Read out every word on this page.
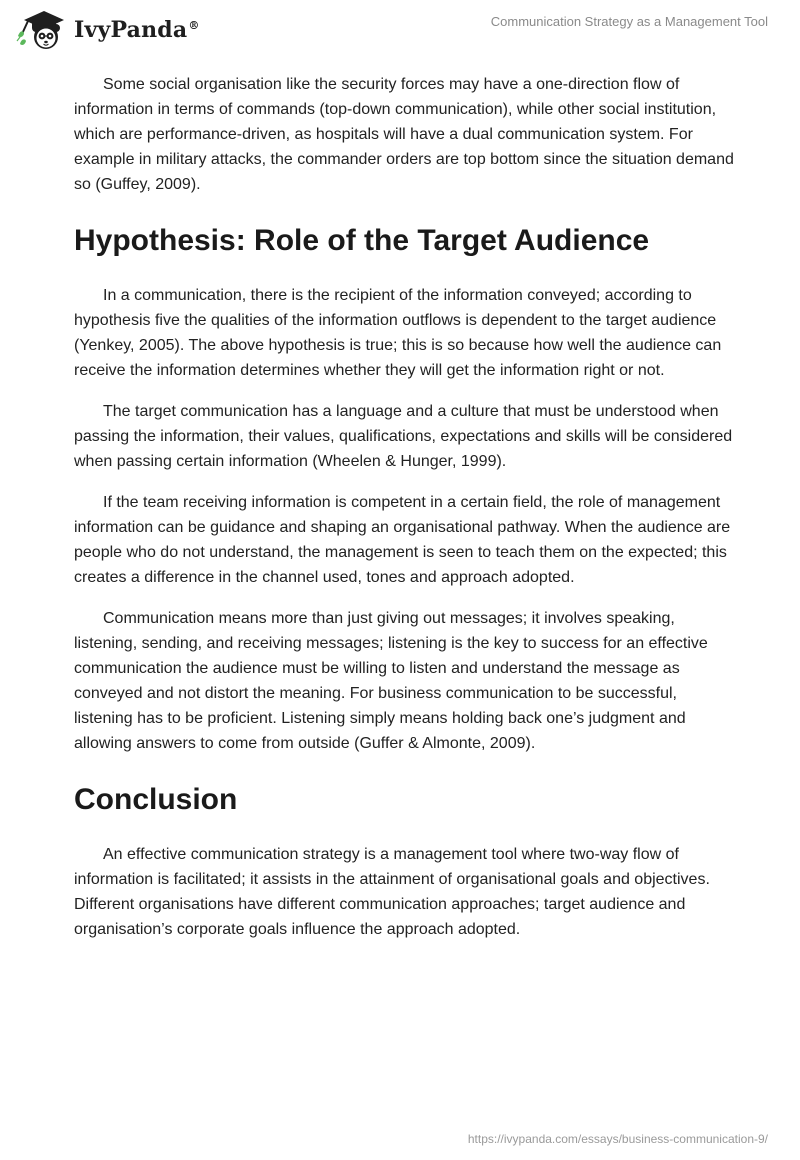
IvyPanda®	Communication Strategy as a Management Tool

Some social organisation like the security forces may have a one-direction flow of information in terms of commands (top-down communication), while other social institution, which are performance-driven, as hospitals will have a dual communication system. For example in military attacks, the commander orders are top bottom since the situation demand so (Guffey, 2009).

Hypothesis: Role of the Target Audience

In a communication, there is the recipient of the information conveyed; according to hypothesis five the qualities of the information outflows is dependent to the target audience (Yenkey, 2005). The above hypothesis is true; this is so because how well the audience can receive the information determines whether they will get the information right or not.

The target communication has a language and a culture that must be understood when passing the information, their values, qualifications, expectations and skills will be considered when passing certain information (Wheelen & Hunger, 1999).

If the team receiving information is competent in a certain field, the role of management information can be guidance and shaping an organisational pathway. When the audience are people who do not understand, the management is seen to teach them on the expected; this creates a difference in the channel used, tones and approach adopted.

Communication means more than just giving out messages; it involves speaking, listening, sending, and receiving messages; listening is the key to success for an effective communication the audience must be willing to listen and understand the message as conveyed and not distort the meaning. For business communication to be successful, listening has to be proficient. Listening simply means holding back one’s judgment and allowing answers to come from outside (Guffer & Almonte, 2009).

Conclusion

An effective communication strategy is a management tool where two-way flow of information is facilitated; it assists in the attainment of organisational goals and objectives. Different organisations have different communication approaches; target audience and organisation’s corporate goals influence the approach adopted.

https://ivypanda.com/essays/business-communication-9/
